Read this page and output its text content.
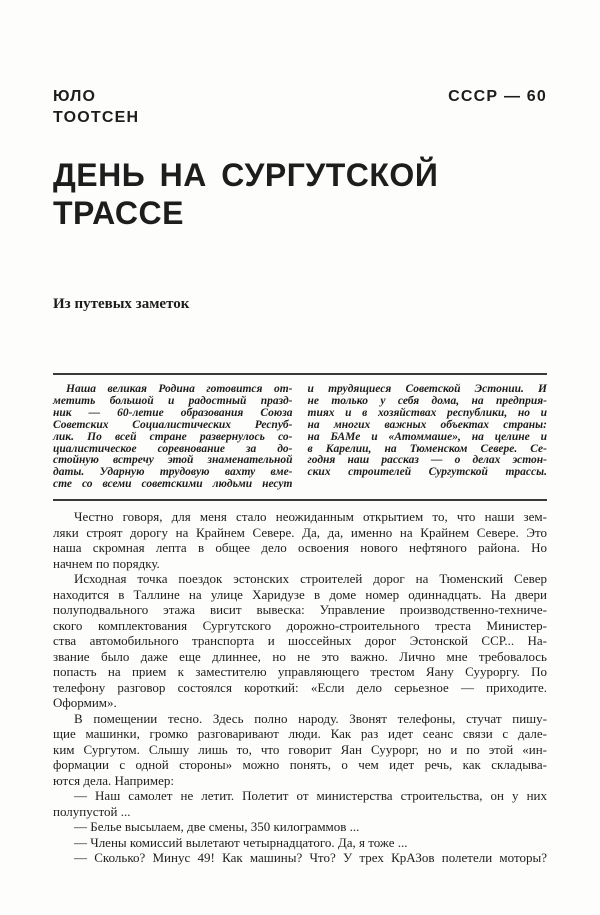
ЮЛО
ТООТСЕН
СССР — 60
ДЕНЬ НА СУРГУТСКОЙ
ТРАССЕ
Из путевых заметок
Наша великая Родина готовится от-
метить большой и радостный празд-
ник — 60-летие образования Союза
Советских Социалистических Респуб-
лик. По всей стране развернулось со-
циалистическое соревнование за до-
стойную встречу этой знаменательной
даты. Ударную трудовую вахту вме-
сте со всеми советскими людьми несут
и трудящиеся Советской Эстонии. И
не только у себя дома, на предприя-
тиях и в хозяйствах республики, но и
на многих важных объектах страны:
на БАМе и «Атоммаше», на целине и
в Карелии, на Тюменском Севере. Се-
годня наш рассказ — о делах эстон-
ских строителей Сургутской трассы.
Честно говоря, для меня стало неожиданным открытием то, что наши зем-
ляки строят дорогу на Крайнем Севере. Да, да, именно на Крайнем Севере. Это
наша скромная лепта в общее дело освоения нового нефтяного района. Но
начнем по порядку.
Исходная точка поездок эстонских строителей дорог на Тюменский Север
находится в Таллине на улице Харидузе в доме номер одиннадцать. На двери
полуподвального этажа висит вывеска: Управление производственно-техниче-
ского комплектования Сургутского дорожно-строительного треста Министер-
ства автомобильного транспорта и шоссейных дорог Эстонской ССР... На-
звание было даже еще длиннее, но не это важно. Лично мне требовалось
попасть на прием к заместителю управляющего трестом Яану Сууроргу. По
телефону разговор состоялся короткий: «Если дело серьезное — приходите.
Оформим».
В помещении тесно. Здесь полно народу. Звонят телефоны, стучат пишу-
щие машинки, громко разговаривают люди. Как раз идет сеанс связи с дале-
ким Сургутом. Слышу лишь то, что говорит Яан Суурорг, но и по этой «ин-
формации с одной стороны» можно понять, о чем идет речь, как складыва-
ются дела. Например:
— Наш самолет не летит. Полетит от министерства строительства, он у них
полупустой ...
— Белье высылаем, две смены, 350 килограммов ...
— Члены комиссий вылетают четырнадцатого. Да, я тоже ...
— Сколько? Минус 49! Как машины? Что? У трех КрАЗов полетели моторы?
